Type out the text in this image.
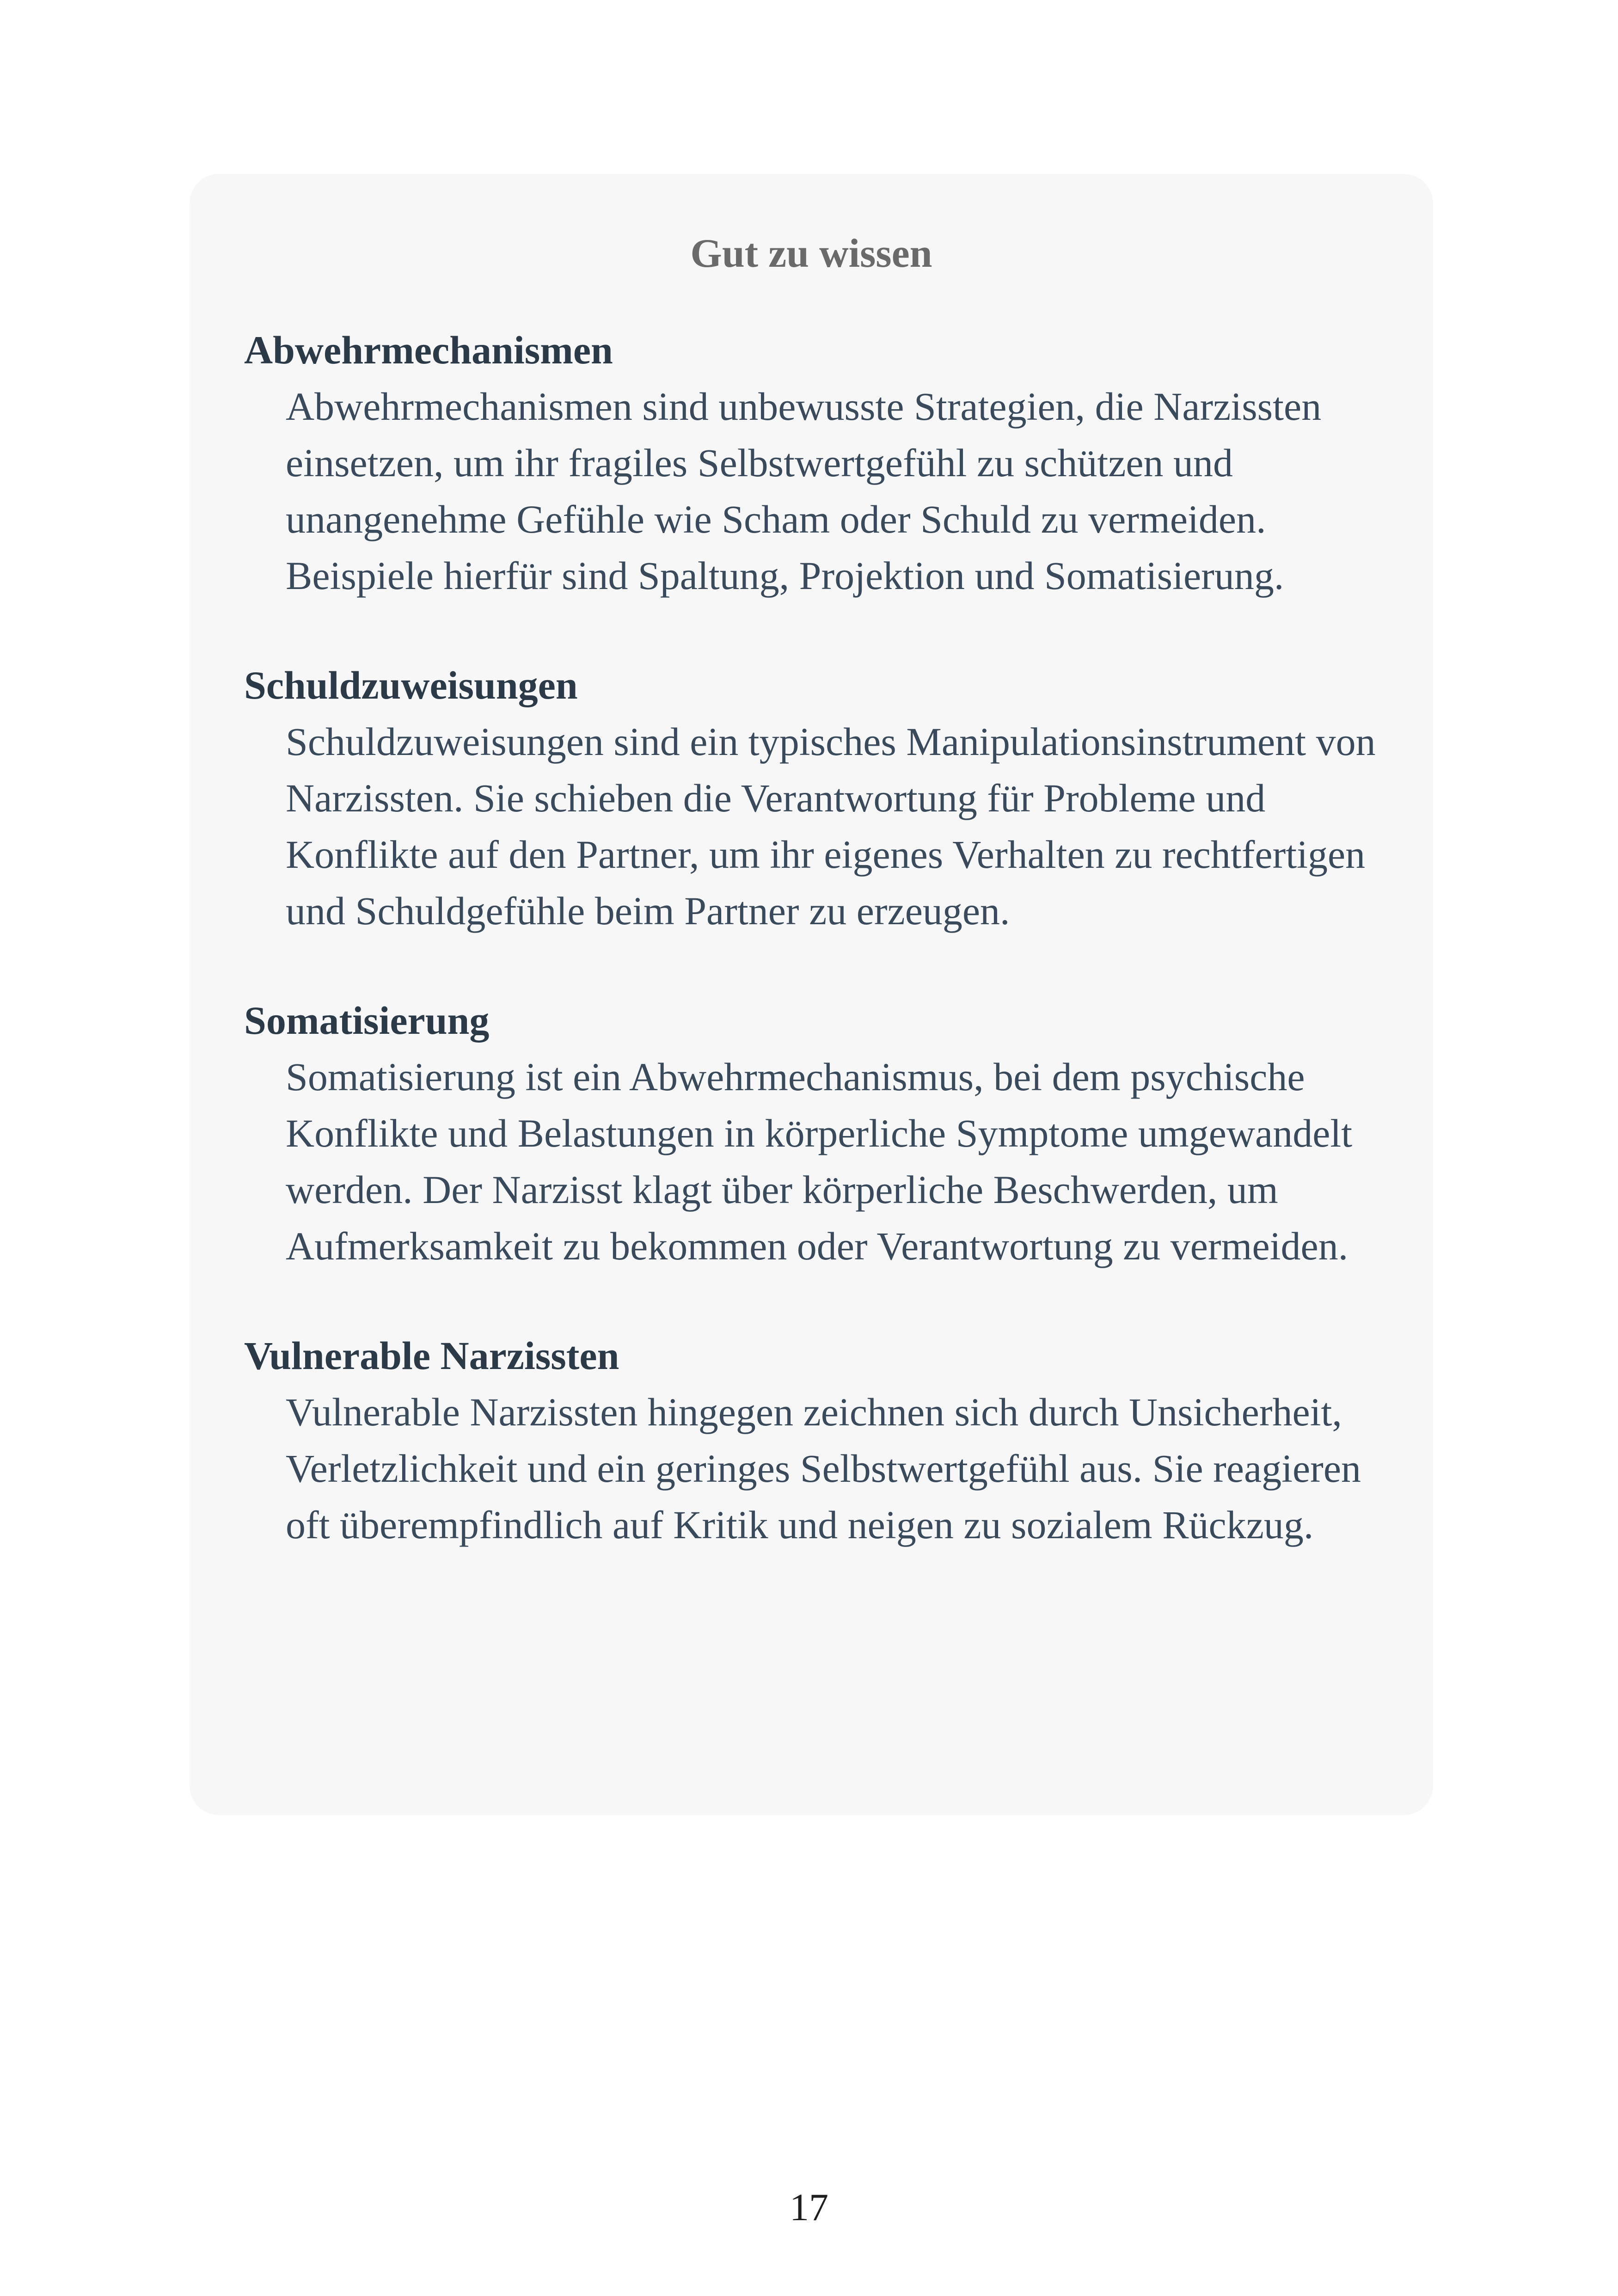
Gut zu wissen
Abwehrmechanismen
Abwehrmechanismen sind unbewusste Strategien, die Narzissten einsetzen, um ihr fragiles Selbstwertgefühl zu schützen und unangenehme Gefühle wie Scham oder Schuld zu vermeiden. Beispiele hierfür sind Spaltung, Projektion und Somatisierung.
Schuldzuweisungen
Schuldzuweisungen sind ein typisches Manipulationsinstrument von Narzissten. Sie schieben die Verantwortung für Probleme und Konflikte auf den Partner, um ihr eigenes Verhalten zu rechtfertigen und Schuldgefühle beim Partner zu erzeugen.
Somatisierung
Somatisierung ist ein Abwehrmechanismus, bei dem psychische Konflikte und Belastungen in körperliche Symptome umgewandelt werden. Der Narzisst klagt über körperliche Beschwerden, um Aufmerksamkeit zu bekommen oder Verantwortung zu vermeiden.
Vulnerable Narzissten
Vulnerable Narzissten hingegen zeichnen sich durch Unsicherheit, Verletzlichkeit und ein geringes Selbstwertgefühl aus. Sie reagieren oft überempfindlich auf Kritik und neigen zu sozialem Rückzug.

17
